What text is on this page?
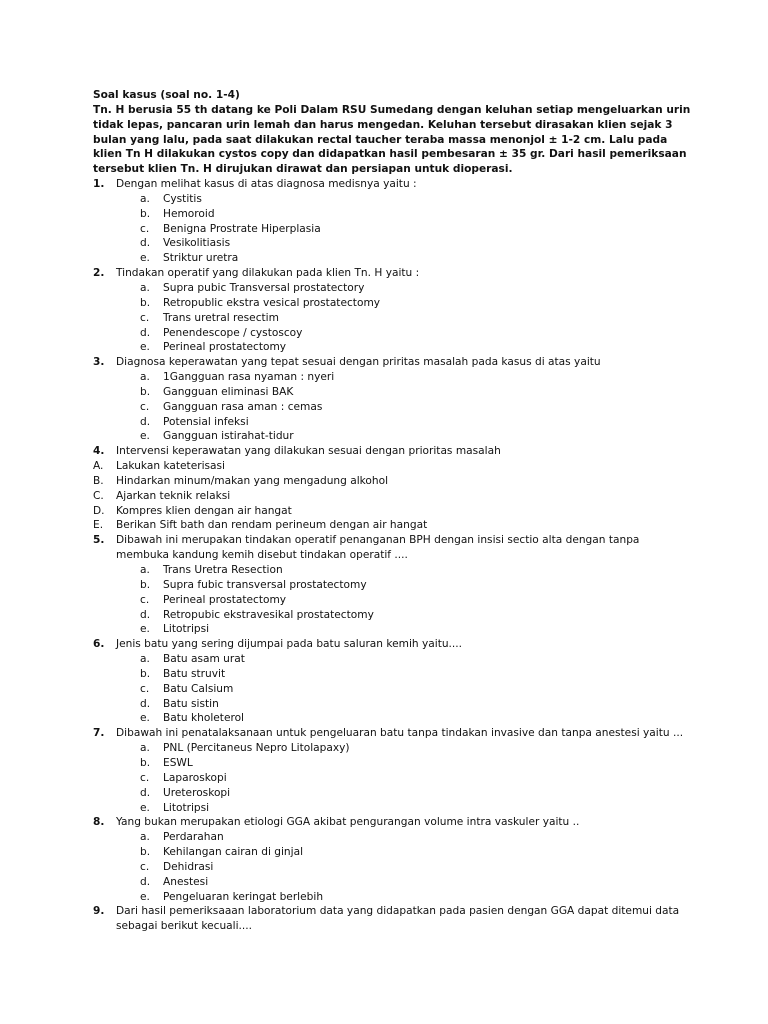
Soal kasus (soal no. 1-4)
Tn. H berusia 55 th datang ke Poli Dalam RSU Sumedang dengan keluhan setiap mengeluarkan urin tidak lepas, pancaran urin lemah dan harus mengedan. Keluhan tersebut dirasakan klien sejak 3 bulan yang lalu, pada saat dilakukan rectal taucher teraba massa menonjol ± 1-2 cm. Lalu pada klien Tn H dilakukan cystos copy dan didapatkan hasil pembesaran ± 35 gr. Dari hasil pemeriksaan tersebut klien Tn. H dirujukan dirawat dan persiapan untuk dioperasi.
1.	Dengan melihat kasus di atas diagnosa medisnya yaitu :
a.	Cystitis
b.	Hemoroid
c.	Benigna Prostrate Hiperplasia
d.	Vesikolitiasis
e.	Striktur uretra
2.	Tindakan operatif yang dilakukan pada klien Tn. H yaitu :
a.	Supra pubic Transversal prostatectory
b.	Retropublic ekstra vesical prostatectomy
c.	Trans uretral resectim
d.	Penendescope / cystoscoy
e.	Perineal prostatectomy
3.	Diagnosa keperawatan yang tepat sesuai dengan priritas masalah pada kasus di atas yaitu
a.	1Gangguan rasa nyaman : nyeri
b.	Gangguan eliminasi BAK
c.	Gangguan rasa aman : cemas
d.	Potensial infeksi
e.	Gangguan istirahat-tidur
4.	Intervensi keperawatan yang dilakukan sesuai dengan prioritas masalah
A.	Lakukan kateterisasi
B.	Hindarkan minum/makan yang mengadung alkohol
C.	Ajarkan teknik relaksi
D.	Kompres klien dengan air hangat
E.	Berikan Sift bath dan rendam perineum dengan air hangat
5.	Dibawah ini merupakan tindakan operatif penanganan BPH dengan insisi sectio alta dengan tanpa membuka kandung kemih disebut tindakan operatif ....
a.	Trans Uretra Resection
b.	Supra fubic transversal prostatectomy
c.	Perineal prostatectomy
d.	Retropubic ekstravesikal prostatectomy
e.	Litotripsi
6.	Jenis batu yang sering dijumpai pada batu saluran kemih yaitu....
a.	Batu asam urat
b.	Batu struvit
c.	Batu Calsium
d.	Batu sistin
e.	Batu kholeterol
7.	Dibawah ini penatalaksanaan untuk pengeluaran batu tanpa tindakan invasive dan tanpa anestesi yaitu ...
a.	PNL (Percitaneus Nepro Litolapaxy)
b.	ESWL
c.	Laparoskopi
d.	Ureteroskopi
e.	Litotripsi
8.	Yang bukan merupakan etiologi GGA akibat pengurangan volume intra vaskuler yaitu ..
a.	Perdarahan
b.	Kehilangan cairan di ginjal
c.	Dehidrasi
d.	Anestesi
e.	Pengeluaran keringat berlebih
9.	Dari hasil pemeriksaaan laboratorium data yang didapatkan pada pasien dengan GGA dapat ditemui data sebagai berikut kecuali....
